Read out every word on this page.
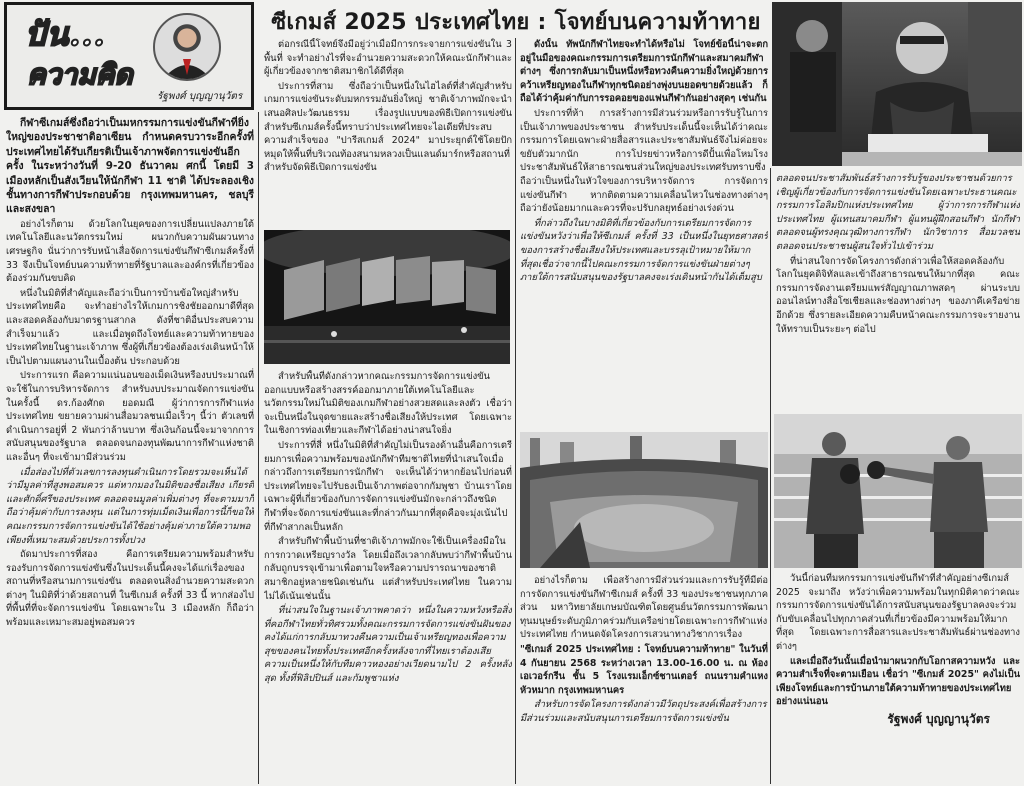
ปัน...
ความคิด
รัฐพงศ์ บุญญานุวัตร
ซีเกมส์ 2025 ประเทศไทย : โจทย์บนความท้าทาย

กีฬาซีเกมส์ซึ่งถือว่าเป็นมหกรรมการแข่งขันกีฬาที่ยิ่งใหญ่ของประชาชาติอาเซียน กำหนดครบวาระอีกครั้งที่ประเทศไทยได้รับเกียรติเป็นเจ้าภาพจัดการแข่งขันอีกครั้ง ในระหว่างวันที่ 9-20 ธันวาคม ศกนี้ โดยมี 3 เมืองหลักเป็นสังเวียนให้นักกีฬา 11 ชาติ ได้ประลองเชิงชั้นทางการกีฬาประกอบด้วย กรุงเทพมหานคร, ชลบุรี และสงขลา

อย่างไรก็ตาม ด้วยโลกในยุคของการเปลี่ยนแปลงภายใต้เทคโนโลยีและนวัตกรรมใหม่ ผนวกกับความผันผวนทางเศรษฐกิจ นั่นว่าการรับหน้าเสื่อจัดการแข่งขันกีฬาซีเกมส์ครั้งที่ 33 จึงเป็นโจทย์บนความท้าทายที่รัฐบาลและองค์กรที่เกี่ยวข้องต้องร่วมกันขบคิด

หนึ่งในมิติที่สำคัญและถือว่าเป็นการบ้านข้อใหญ่สำหรับประเทศไทยคือ จะทำอย่างไรให้เกมการชิงชัยออกมาดีที่สุดและสอดคล้องกับมาตรฐานสากล ดังที่ชาติอื่นประสบความสำเร็จมาแล้ว และเมื่อพูดถึงโจทย์และความท้าทายของประเทศไทยในฐานะเจ้าภาพ ซึ่งผู้ที่เกี่ยวข้องต้องเร่งเดินหน้าให้เป็นไปตามแผนงานในเบื้องต้น ประกอบด้วย

ประการแรก คือความแน่นอนของเม็ดเงินหรืองบประมาณที่จะใช้ในการบริหารจัดการ สำหรับงบประมาณจัดการแข่งขันในครั้งนี้ ดร.ก้องศักด ยอดมณี ผู้ว่าการการกีฬาแห่งประเทศไทย ขยายความผ่านสื่อมวลชนเมื่อเร็วๆ นี้ว่า ตัวเลขที่ดำเนินการอยู่ที่ 2 พันกว่าล้านบาท ซึ่งเงินก้อนนี้จะมาจากการสนับสนุนของรัฐบาล ตลอดจนกองทุนพัฒนาการกีฬาแห่งชาติและอื่นๆ ที่จะเข้ามามีส่วนร่วม

เมื่อส่องไปที่ตัวเลขการลงทุนดำเนินการโดยรวมจะเห็นได้ว่ามีมูลค่าที่สูงพอสมควร แต่หากมองในมิติของชื่อเสียง เกียรติและศักดิ์ศรีของประเทศ ตลอดจนมูลค่าเพิ่มต่างๆ ที่จะตามมาก็ถือว่าคุ้มค่ากับการลงทุน แต่ในการทุ่มเม็ดเงินเพื่อการนี้ก็ขอให้คณะกรรมการจัดการแข่งขันได้ใช้อย่างคุ้มค่าภายใต้ความพอเพียงที่เหมาะสมด้วยประการทั้งปวง

ถัดมาประการที่สอง คือการเตรียมความพร้อมสำหรับรองรับการจัดการแข่งขันซึ่งในประเด็นนี้คงจะได้แก่เรื่องของสถานที่หรือสนามการแข่งขัน ตลอดจนสิ่งอำนวยความสะดวกต่างๆ ในมิติที่ว่าด้วยสถานที่ ในซีเกมส์ ครั้งที่ 33 นี้ หากส่องไปที่พื้นที่ที่จะจัดการแข่งขัน โดยเฉพาะใน 3 เมืองหลัก ก็ถือว่าพร้อมและเหมาะสมอยู่พอสมควร

ต่อกรณีนี้โจทย์จึงมีอยู่ว่าเมื่อมีการกระจายการแข่งขันใน 3 พื้นที่ จะทำอย่างไรที่จะอำนวยความสะดวกให้คณะนักกีฬาและผู้เกี่ยวข้องจากชาติสมาชิกได้ดีที่สุด

ประการที่สาม ซึ่งถือว่าเป็นหนึ่งในไฮไลต์ที่สำคัญสำหรับเกมการแข่งขันระดับมหกรรมอันยิ่งใหญ่ ชาติเจ้าภาพมักจะนำเสนอศิลปะวัฒนธรรม เรื่องรูปแบบของพิธีเปิดการแข่งขันสำหรับซีเกมส์ครั้งนี้ทราบว่าประเทศไทยจะไอเดียที่ประสบความสำเร็จของ "ปารีสเกมส์ 2024" มาประยุกต์ใช้โดยปักหมุดให้พื้นที่บริเวณท้องสนามหลวงเป็นแลนด์มาร์กหรือสถานที่สำหรับจัดพิธีเปิดการแข่งขัน

สำหรับพื้นที่ดังกล่าวหากคณะกรรมการจัดการแข่งขันออกแบบหรือสร้างสรรค์ออกมาภายใต้เทคโนโลยีและนวัตกรรมใหม่ในมิติของเกมกีฬาอย่างสวยสดและลงตัว เชื่อว่าจะเป็นหนึ่งในจุดขายและสร้างชื่อเสียงให้ประเทศ โดยเฉพาะในเชิงการท่องเที่ยวและกีฬาได้อย่างน่าสนใจยิ่ง

ประการที่สี่ หนึ่งในมิติที่สำคัญไม่เป็นรองด้านอื่นคือการเตรียมการเพื่อความพร้อมของนักกีฬาทีมชาติไทยที่นำเสนใจเมื่อกล่าวถึงการเตรียมการนักกีฬา จะเห็นได้ว่าหากย้อนไปก่อนที่ประเทศไทยจะไปรับธงเป็นเจ้าภาพต่อจากกัมพูชา บ้านเราโดยเฉพาะผู้ที่เกี่ยวข้องกับการจัดการแข่งขันมักจะกล่าวถึงชนิดกีฬาที่จะจัดการแข่งขันและที่กล่าวกันมากที่สุดคือจะมุ่งเน้นไปที่กีฬาสากลเป็นหลัก

สำหรับกีฬาพื้นบ้านที่ชาติเจ้าภาพมักจะใช้เป็นเครื่องมือในการกวาดเหรียญรางวัล โดยเมื่อถึงเวลากลับพบว่ากีฬาพื้นบ้านกลับถูกบรรจุเข้ามาเพื่อตามใจหรือความปรารถนาของชาติสมาชิกอยู่หลายชนิดเช่นกัน แต่สำหรับประเทศไทย ในความไม่ได้เน้นเช่นนั้น

ที่น่าสนใจในฐานะเจ้าภาพคาดว่า หนึ่งในความหวังหรือสิ่งที่คอกีฬาไทยทั่วทิศรวมทั้งคณะกรรมการจัดการแข่งขันฝันของคงได้แก่การกลับมาทวงคืนความเป็นเจ้าเหรียญทองเพื่อความสุขของคนไทยทั้งประเทศอีกครั้งหลังจากที่ไทยเราต้องเสียความเป็นหนึ่งให้กับทีมคาวหองอย่างเวียดนามไป 2 ครั้งหลังสุด ทั้งที่ฟิลิปปินส์ และกัมพูชาแห่ง

ดังนั้น ทัพนักกีฬาไทยจะทำได้หรือไม่ โจทย์ข้อนี้น่าจะตกอยู่ในมือของคณะกรรมการเตรียมการนักกีฬาและสมาคมกีฬาต่างๆ ซึ่งการกลับมาเป็นหนึ่งหรือทวงคืนความยิ่งใหญ่ด้วยการคว้าเหรียญทองในกีฬาทุกชนิดอย่างพุ่งบนยอดขายด้วยแล้ว ก็ถือได้ว่าคุ้มค่ากับการรอคอยของแฟนกีฬากันอย่างสุดๆ เช่นกัน

ประการที่ห้า การสร้างการมีส่วนร่วมหรือการรับรู้ในการเป็นเจ้าภาพของประชาชน สำหรับประเด็นนี้จะเห็นได้ว่าคณะกรรมการโดยเฉพาะฝ่ายสื่อสารและประชาสัมพันธ์จึงไม่ค่อยจะขยับตัวมากนัก การโปรยข่าวหรือการดีปั้นเพื่อโหมโรงประชาสัมพันธ์ให้สาธารณชนส่วนใหญ่ของประเทศรับทราบซึ่งถือว่าเป็นหนึ่งในหัวใจของการบริหารจัดการ การจัดการแข่งขันกีฬา หากติดตามความเคลื่อนไหวในช่องทางต่างๆ ถือว่ายังน้อยมากและควรที่จะปรับกลยุทธ์อย่างเร่งด่วน

ที่กล่าวถึงในบางมิติที่เกี่ยวข้องกับการเตรียมการจัดการแข่งขันหวังว่าเพื่อให้ซีเกมส์ ครั้งที่ 33 เป็นหนึ่งในยุทธศาสตร์ของการสร้างชื่อเสียงให้ประเทศและบรรลุเป้าหมายให้มากที่สุดเชื่อว่าจากนี้ไปคณะกรรมการจัดการแข่งขันฝ่ายต่างๆ ภายใต้การสนับสนุนของรัฐบาลคงจะเร่งเดินหน้ากันได้เต็มสูบ

อย่างไรก็ตาม เพื่อสร้างการมีส่วนร่วมและการรับรู้ที่มีต่อการจัดการแข่งขันกีฬาซีเกมส์ ครั้งที่ 33 ของประชาชนทุกภาคส่วน มหาวิทยาลัยเกษมบัณฑิตโดยศูนย์นวัตกรรมการพัฒนาทุนมนุษย์ระดับภูมิภาคร่วมกับเครือข่ายโดยเฉพาะการกีฬาแห่งประเทศไทย กำหนดจัดโครงการเสวนาทางวิชาการเรื่อง

"ซีเกมส์ 2025 ประเทศไทย : โจทย์บนความท้าทาย" ในวันที่ 4 กันยายน 2568 ระหว่างเวลา 13.00-16.00 น. ณ ห้องเอเวอร์กรีน ชั้น 5 โรงแรมเอ็กซ์ชานเตอร์ ถนนรามคำแหง หัวหมาก กรุงเทพมหานคร

สำหรับการจัดโครงการดังกล่าวมีวัตถุประสงค์เพื่อสร้างการมีส่วนร่วมและสนับสนุนการเตรียมการจัดการแข่งขัน

ตลอดจนประชาสัมพันธ์สร้างการรับรู้ของประชาชนด้วยการเชิญผู้เกี่ยวข้องกับการจัดการแข่งขันโดยเฉพาะประธานคณะกรรมการโอลิมปิกแห่งประเทศไทย ผู้ว่าการการกีฬาแห่งประเทศไทย ผู้แทนสมาคมกีฬา ผู้แทนผู้ฝึกสอนกีฬา นักกีฬาตลอดจนผู้ทรงคุณวุฒิทางการกีฬา นักวิชาการ สื่อมวลชนตลอดจนประชาชนผู้สนใจทั่วไปเข้าร่วม

ที่น่าสนใจการจัดโครงการดังกล่าวเพื่อให้สอดคล้องกับโลกในยุคดิจิทัลและเข้าถึงสาธารณชนให้มากที่สุด คณะกรรมการจัดงานเตรียมแพร่สัญญาณภาพสดๆ ผ่านระบบออนไลน์ทางสื่อโซเชียลและช่องทางต่างๆ ของภาคีเครือข่ายอีกด้วย ซึ่งรายละเอียดความคืบหน้าคณะกรรมการจะรายงานให้ทราบเป็นระยะๆ ต่อไป

วันนี้ก่อนที่มหกรรมการแข่งขันกีฬาที่สำคัญอย่างซีเกมส์ 2025 จะมาถึง หวังว่าเพื่อความพร้อมในทุกมิติคาดว่าคณะกรรมการจัดการแข่งขันได้การสนับสนุนของรัฐบาลคงจะร่วมกับขับเคลื่อนไปทุกภาคส่วนที่เกี่ยวข้องมีความพร้อมให้มากที่สุด โดยเฉพาะการสื่อสารและประชาสัมพันธ์ผ่านช่องทางต่างๆ

และเมื่อถึงวันนั้นเมื่อนำมาผนวกกับโอกาสความหวัง และความสำเร็จที่จะตามเยือน เชื่อว่า "ซีเกมส์ 2025" คงไม่เป็นเพียงโจทย์และการบ้านภายใต้ความท้าทายของประเทศไทยอย่างแน่นอน

รัฐพงศ์ บุญญานุวัตร
